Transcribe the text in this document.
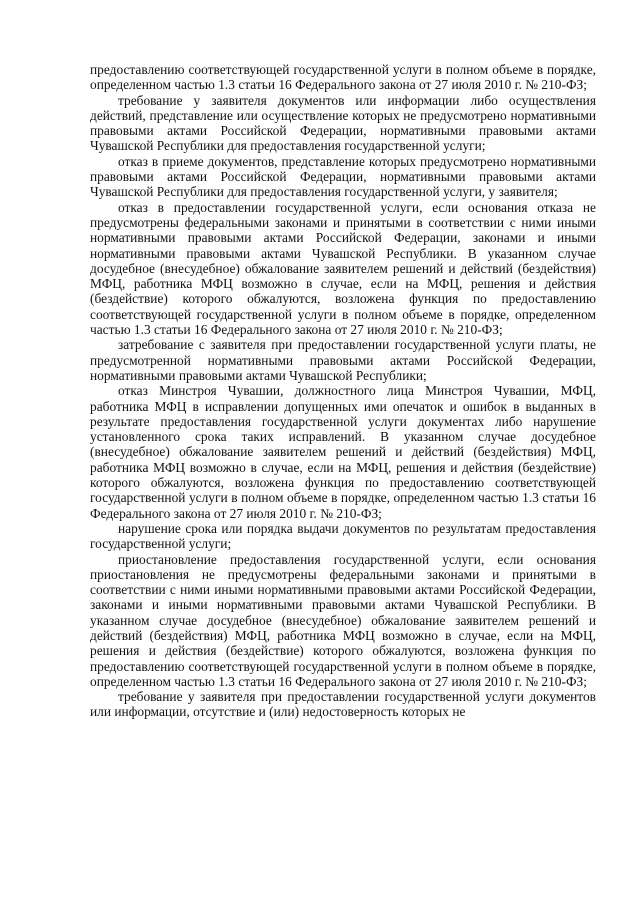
предоставлению соответствующей государственной услуги в полном объеме в порядке, определенном частью 1.3 статьи 16 Федерального закона от 27 июля 2010 г. № 210-ФЗ;

требование у заявителя документов или информации либо осуществления действий, представление или осуществление которых не предусмотрено нормативными правовыми актами Российской Федерации, нормативными правовыми актами Чувашской Республики для предоставления государственной услуги;

отказ в приеме документов, представление которых предусмотрено нормативными правовыми актами Российской Федерации, нормативными правовыми актами Чувашской Республики для предоставления государственной услуги, у заявителя;

отказ в предоставлении государственной услуги, если основания отказа не предусмотрены федеральными законами и принятыми в соответствии с ними иными нормативными правовыми актами Российской Федерации, законами и иными нормативными правовыми актами Чувашской Республики. В указанном случае досудебное (внесудебное) обжалование заявителем решений и действий (бездействия) МФЦ, работника МФЦ возможно в случае, если на МФЦ, решения и действия (бездействие) которого обжалуются, возложена функция по предоставлению соответствующей государственной услуги в полном объеме в порядке, определенном частью 1.3 статьи 16 Федерального закона от 27 июля 2010 г. № 210-ФЗ;

затребование с заявителя при предоставлении государственной услуги платы, не предусмотренной нормативными правовыми актами Российской Федерации, нормативными правовыми актами Чувашской Республики;

отказ Минстроя Чувашии, должностного лица Минстроя Чувашии, МФЦ, работника МФЦ в исправлении допущенных ими опечаток и ошибок в выданных в результате предоставления государственной услуги документах либо нарушение установленного срока таких исправлений. В указанном случае досудебное (внесудебное) обжалование заявителем решений и действий (бездействия) МФЦ, работника МФЦ возможно в случае, если на МФЦ, решения и действия (бездействие) которого обжалуются, возложена функция по предоставлению соответствующей государственной услуги в полном объеме в порядке, определенном частью 1.3 статьи 16 Федерального закона от 27 июля 2010 г. № 210-ФЗ;

нарушение срока или порядка выдачи документов по результатам предоставления государственной услуги;

приостановление предоставления государственной услуги, если основания приостановления не предусмотрены федеральными законами и принятыми в соответствии с ними иными нормативными правовыми актами Российской Федерации, законами и иными нормативными правовыми актами Чувашской Республики. В указанном случае досудебное (внесудебное) обжалование заявителем решений и действий (бездействия) МФЦ, работника МФЦ возможно в случае, если на МФЦ, решения и действия (бездействие) которого обжалуются, возложена функция по предоставлению соответствующей государственной услуги в полном объеме в порядке, определенном частью 1.3 статьи 16 Федерального закона от 27 июля 2010 г. № 210-ФЗ;

требование у заявителя при предоставлении государственной услуги документов или информации, отсутствие и (или) недостоверность которых не
